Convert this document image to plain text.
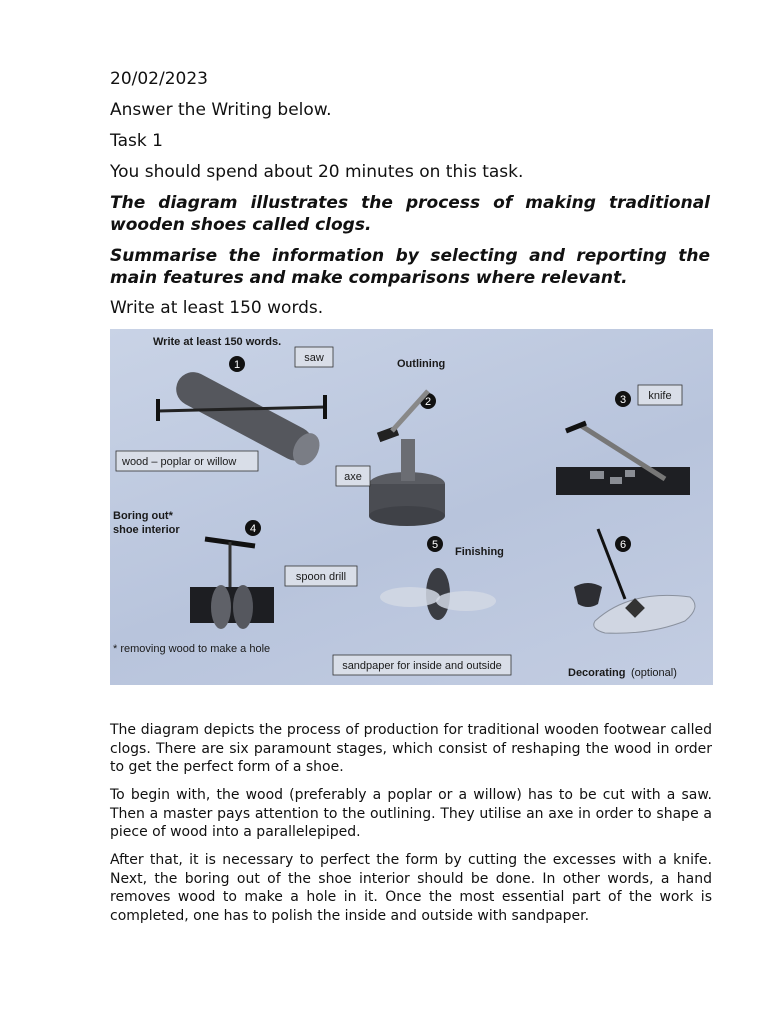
20/02/2023

Answer the Writing below.

Task 1

You should spend about 20 minutes on this task.

The diagram illustrates the process of making traditional wooden shoes called clogs.

Summarise the information by selecting and reporting the main features and make comparisons where relevant.

Write at least 150 words.

Write at least 150 words.
1
saw
wood – poplar or willow
Outlining
2
axe
3 knife
Boring out*
shoe interior	4
spoon drill
* removing wood to make a hole
5
Finishing
sandpaper for inside and outside
6
Decorating (optional)

The diagram depicts the process of production for traditional wooden footwear called clogs. There are six paramount stages, which consist of reshaping the wood in order to get the perfect form of a shoe.

To begin with, the wood (preferably a poplar or a willow) has to be cut with a saw. Then a master pays attention to the outlining. They utilise an axe in order to shape a piece of wood into a parallelepiped.

After that, it is necessary to perfect the form by cutting the excesses with a knife. Next, the boring out of the shoe interior should be done. In other words, a hand removes wood to make a hole in it. Once the most essential part of the work is completed, one has to polish the inside and outside with sandpaper.
